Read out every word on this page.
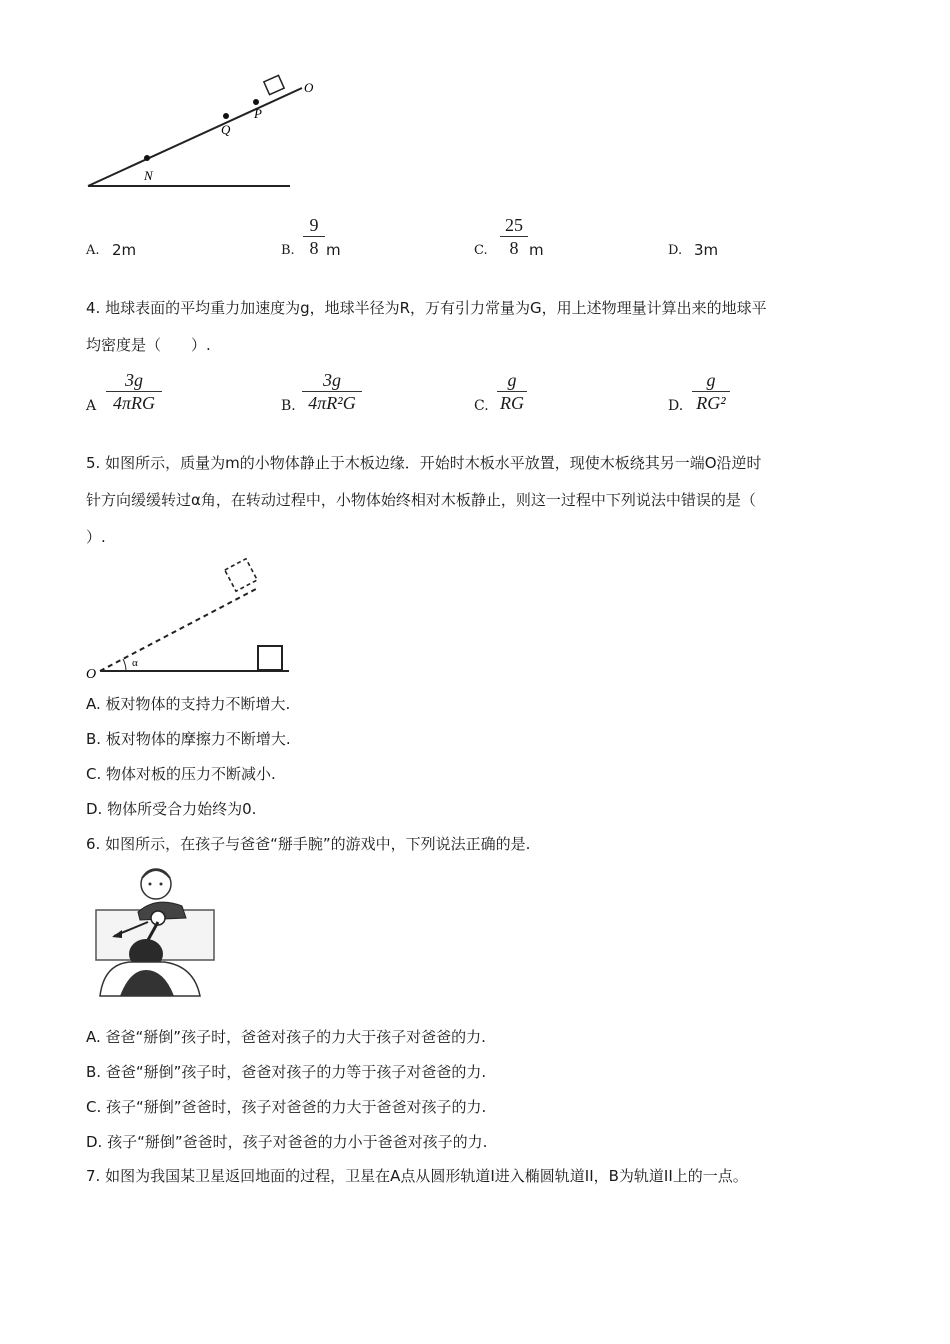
O
P
Q
N
A. 2m	B.
9
8 m	C.
25
8 m	D. 3m
4. 地球表面的平均重力加速度为g，地球半径为R，万有引力常量为G，用上述物理量计算出来的地球平
均密度是（　　）.
A
3g
4πRG	B.
3g
4πR²G	C.
g
RG	D.
g
RG²
5. 如图所示，质量为m的小物体静止于木板边缘．开始时木板水平放置，现使木板绕其另一端O沿逆时
针方向缓缓转过α角，在转动过程中，小物体始终相对木板静止，则这一过程中下列说法中错误的是（
）.
O
α
A. 板对物体的支持力不断增大.
B. 板对物体的摩擦力不断增大.
C. 物体对板的压力不断减小.
D. 物体所受合力始终为0.
6. 如图所示，在孩子与爸爸“掰手腕”的游戏中，下列说法正确的是.
A. 爸爸“掰倒”孩子时，爸爸对孩子的力大于孩子对爸爸的力.
B. 爸爸“掰倒”孩子时，爸爸对孩子的力等于孩子对爸爸的力.
C. 孩子“掰倒”爸爸时，孩子对爸爸的力大于爸爸对孩子的力.
D. 孩子“掰倒”爸爸时，孩子对爸爸的力小于爸爸对孩子的力.
7. 如图为我国某卫星返回地面的过程，卫星在A点从圆形轨道I进入椭圆轨道II，B为轨道II上的一点。
